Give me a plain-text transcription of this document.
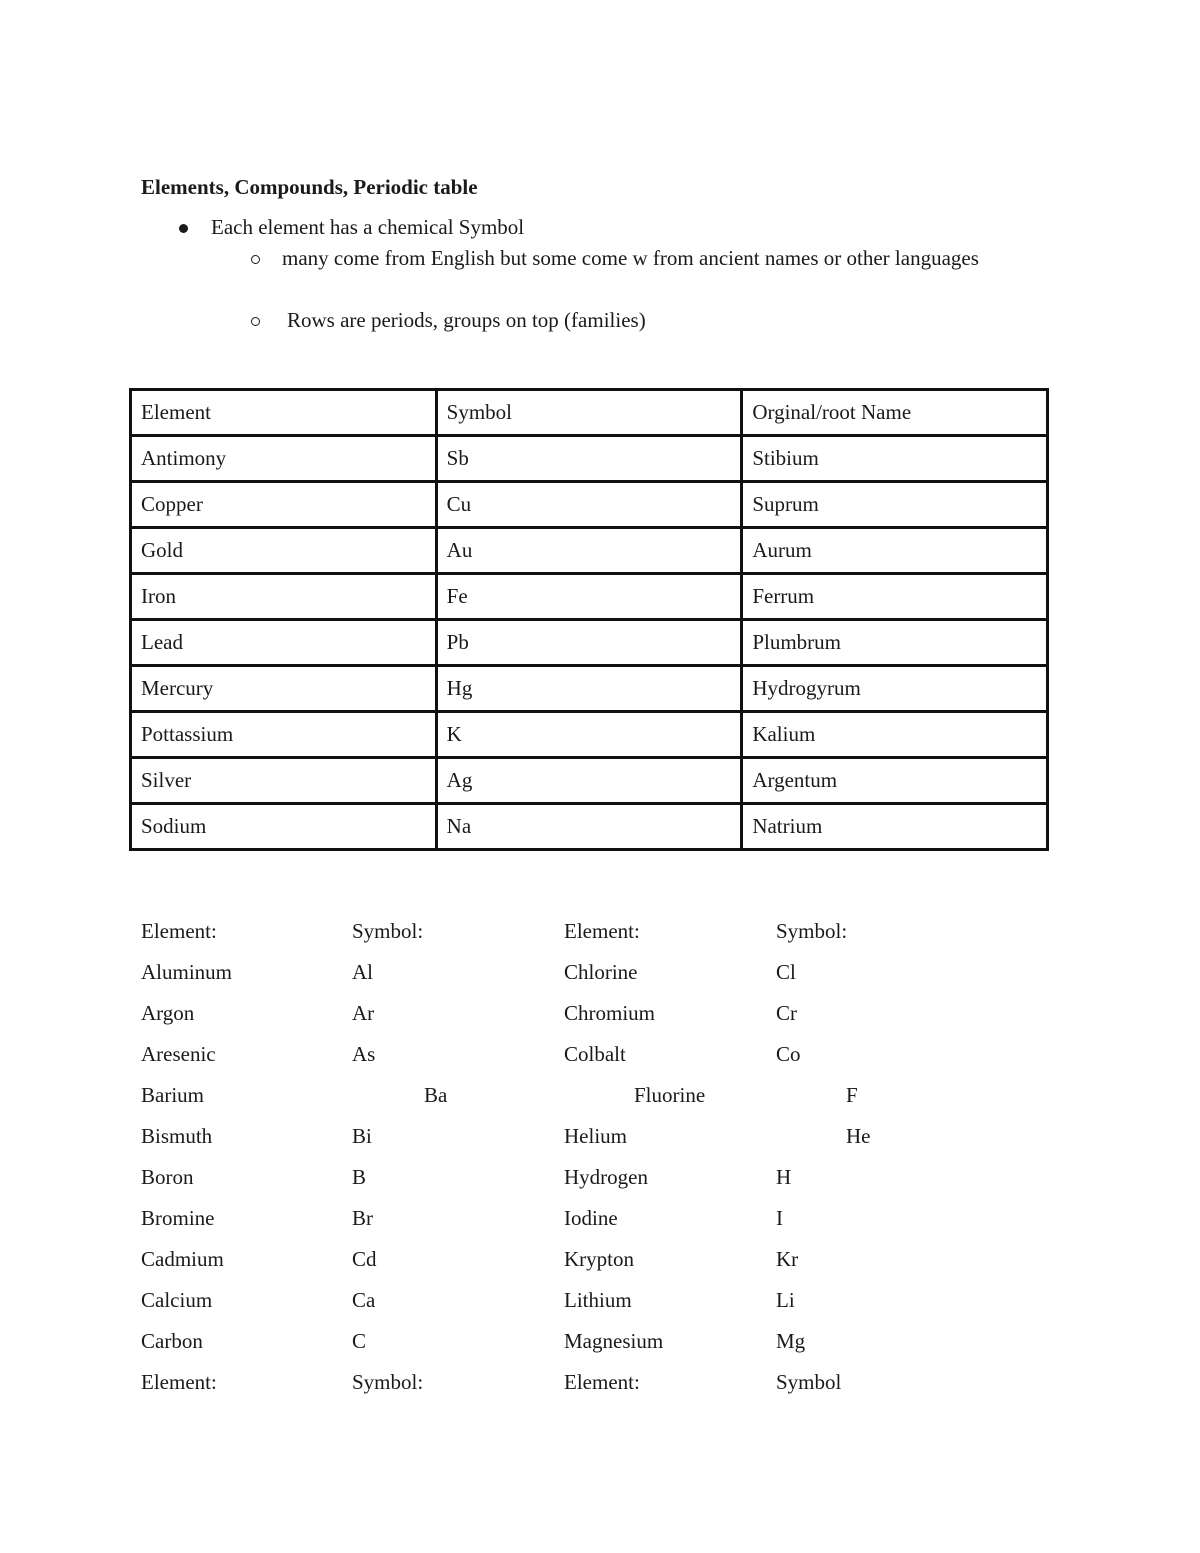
Elements, Compounds, Periodic table
Each element has a chemical Symbol
many come from English but some come w from ancient names or other languages
Rows are periods, groups on top (families)
Element	Symbol	Orginal/root Name
Antimony	Sb	Stibium
Copper	Cu	Suprum
Gold	Au	Aurum
Iron	Fe	Ferrum
Lead	Pb	Plumbrum
Mercury	Hg	Hydrogyrum
Pottassium	K	Kalium
Silver	Ag	Argentum
Sodium	Na	Natrium
Element:	Symbol:	Element:	Symbol:
Aluminum	Al	Chlorine	Cl
Argon	Ar	Chromium	Cr
Aresenic	As	Colbalt	Co
Barium	Ba	Fluorine	F
Bismuth	Bi	Helium	He
Boron	B	Hydrogen	H
Bromine	Br	Iodine	I
Cadmium	Cd	Krypton	Kr
Calcium	Ca	Lithium	Li
Carbon	C	Magnesium	Mg
Element:	Symbol:	Element:	Symbol
